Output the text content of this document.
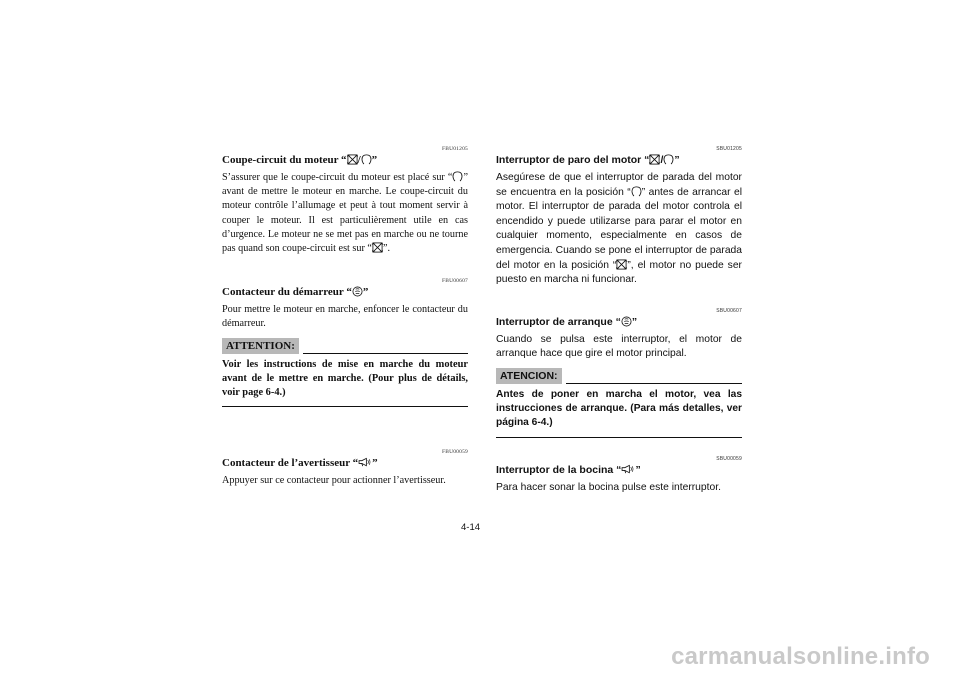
FBU01205
Coupe-circuit du moteur “ / ”

S’assurer que le coupe-circuit du moteur est placé sur “ ” avant de mettre le moteur en marche. Le coupe-circuit du moteur contrôle l’allumage et peut à tout moment servir à couper le moteur. Il est particulièrement utile en cas d’urgence. Le moteur ne se met pas en marche ou ne tourne pas quand son coupe-circuit est sur “ ”.

FBU00607
Contacteur du démarreur “ ”

Pour mettre le moteur en marche, enfoncer le contacteur du démarreur.

ATTENTION:

Voir les instructions de mise en marche du moteur avant de le mettre en marche. (Pour plus de détails, voir page 6-4.)

FBU00059
Contacteur de l’avertisseur “ ”

Appuyer sur ce contacteur pour actionner l’avertisseur.

SBU01205
Interruptor de paro del motor “ / ”

Asegúrese de que el interruptor de parada del motor se encuentra en la posición “ ” antes de arrancar el motor. El interruptor de parada del motor controla el encendido y puede utilizarse para parar el motor en cualquier momento, especialmente en casos de emergencia. Cuando se pone el interruptor de parada del motor en la posición “ ”, el motor no puede ser puesto en marcha ni funcionar.

SBU00607
Interruptor de arranque “ ”

Cuando se pulsa este interruptor, el motor de arranque hace que gire el motor principal.

ATENCION:

Antes de poner en marcha el motor, vea las instrucciones de arranque. (Para más detalles, ver página 6-4.)

SBU00059
Interruptor de la bocina “ ”

Para hacer sonar la bocina pulse este interruptor.

4-14
carmanualsonline.info
